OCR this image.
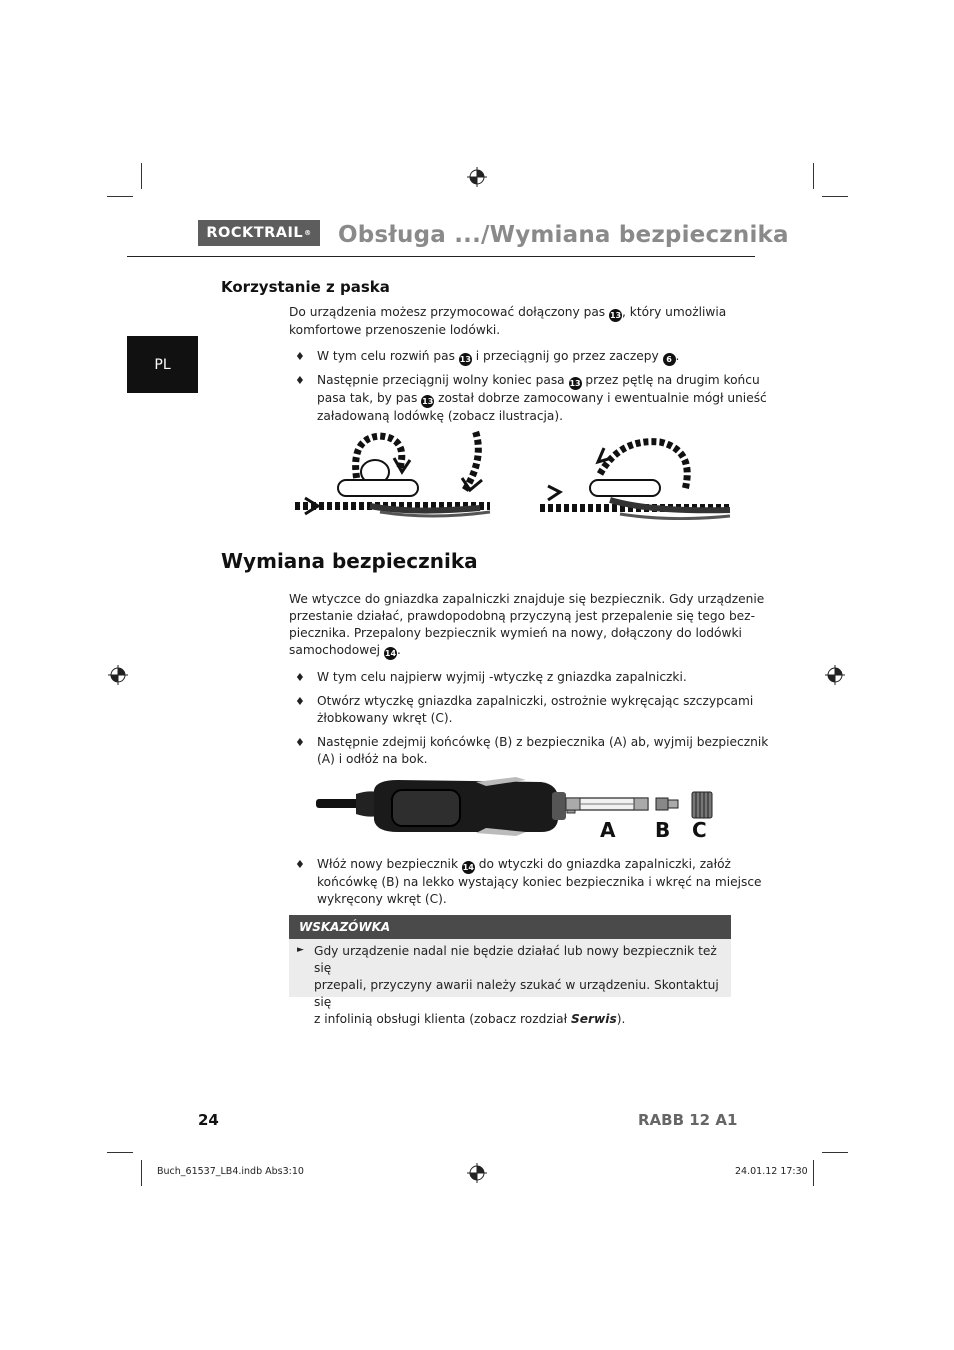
ROCKTRAIL ® Obsługa .../Wymiana bezpiecznika
PL
Korzystanie z paska
Do urządzenia możesz przymocować dołączony pas 13, który umożliwia
komfortowe przenoszenie lodówki.
♦ W tym celu rozwiń pas 13 i przeciągnij go przez zaczepy 6 .
♦ Następnie przeciągnij wolny koniec pasa 13 przez pętlę na drugim końcu
pasa tak, by pas 13 został dobrze zamocowany i ewentualnie mógł unieść
załadowaną lodówkę (zobacz ilustracja).
Wymiana bezpiecznika
We wtyczce do gniazdka zapalniczki znajduje się bezpiecznik. Gdy urządzenie
przestanie działać, prawdopodobną przyczyną jest przepalenie się tego bez-
piecznika. Przepalony bezpiecznik wymień na nowy, dołączony do lodówki
samochodowej 14.
♦ W tym celu najpierw wyjmij -wtyczkę z gniazdka zapalniczki.
♦ Otwórz wtyczkę gniazdka zapalniczki, ostrożnie wykręcając szczypcami
żłobkowany wkręt (C).
♦ Następnie zdejmij końcówkę (B) z bezpiecznika (A) ab, wyjmij bezpiecznik
(A) i odłóż na bok.
A B C
♦ Włóż nowy bezpiecznik 14 do wtyczki do gniazdka zapalniczki, załóż
końcówkę (B) na lekko wystający koniec bezpiecznika i wkręć na miejsce
wykręcony wkręt (C).
WSKAZÓWKA
► Gdy urządzenie nadal nie będzie działać lub nowy bezpiecznik też się
przepali, przyczyny awarii należy szukać w urządzeniu. Skontaktuj się
z infolinią obsługi klienta (zobacz rozdział Serwis).
24	RABB 12 A1
Buch_61537_LB4.indb Abs3:10	24.01.12 17:30
